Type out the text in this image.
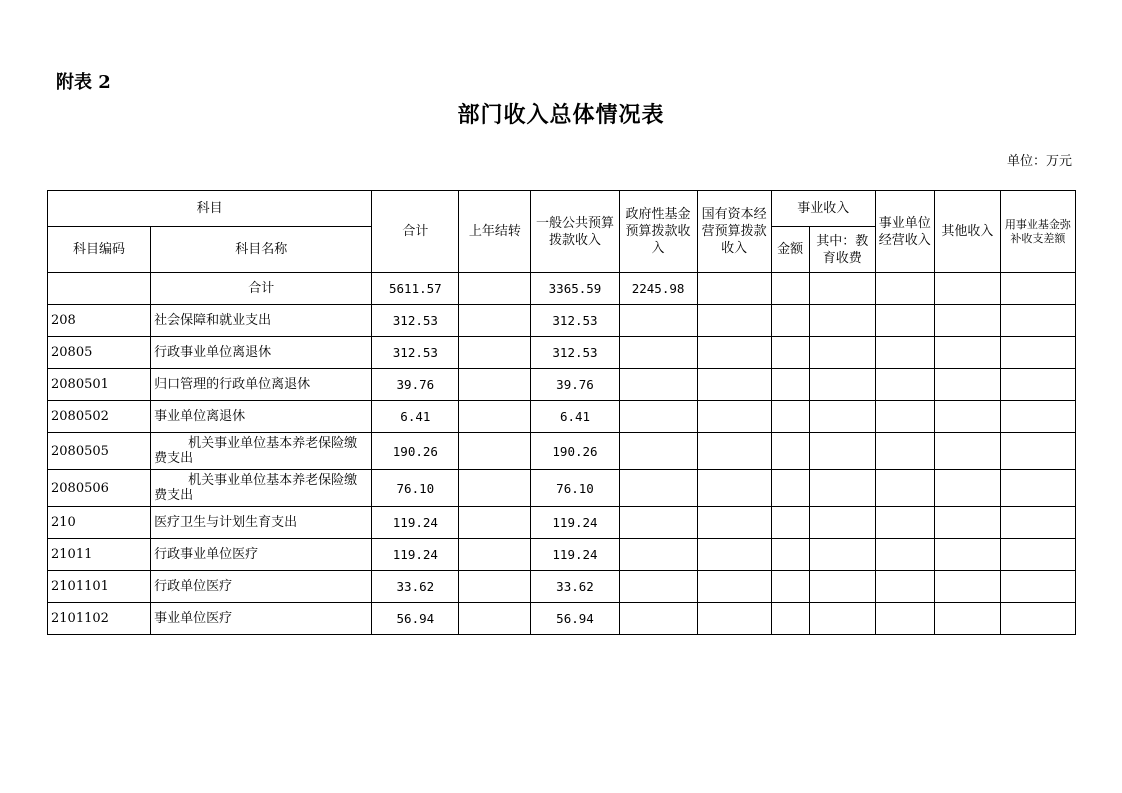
附表 2
部门收入总体情况表
单位：万元
科目		合计	上年结转	一般公共预算拨款收入	政府性基金预算拨款收入	国有资本经营预算拨款收入	事业收入		事业单位经营收入	其他收入	用事业基金弥补收支差额
科目编码	科目名称						金额	其中：教育收费			
	合计	5611.57		3365.59	2245.98						
208	社会保障和就业支出	312.53		312.53							
20805	行政事业单位离退休	312.53		312.53							
2080501	归口管理的行政单位离退休	39.76		39.76							
2080502	事业单位离退休	6.41		6.41							
2080505	机关事业单位基本养老保险缴费支出	190.26		190.26							
2080506	机关事业单位基本养老保险缴费支出	76.10		76.10							
210	医疗卫生与计划生育支出	119.24		119.24							
21011	行政事业单位医疗	119.24		119.24							
2101101	行政单位医疗	33.62		33.62							
2101102	事业单位医疗	56.94		56.94							
